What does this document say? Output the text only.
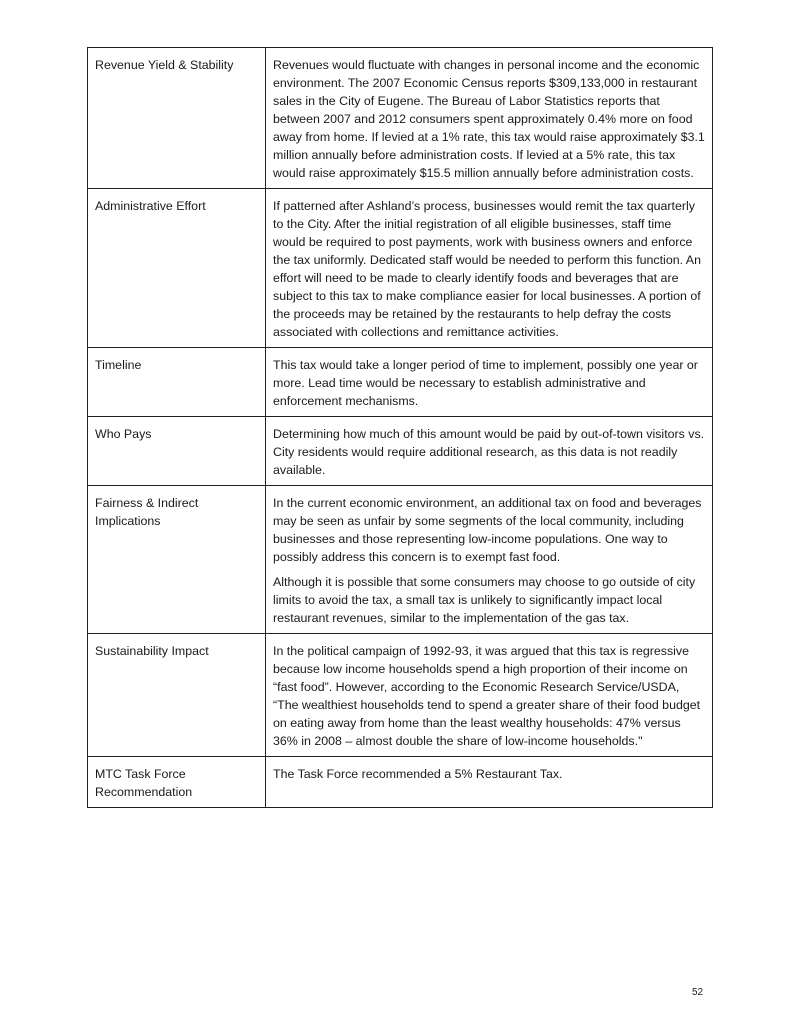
Revenue Yield & Stability	Revenues would fluctuate with changes in personal income and the economic environment. The 2007 Economic Census reports $309,133,000 in restaurant sales in the City of Eugene. The Bureau of Labor Statistics reports that between 2007 and 2012 consumers spent approximately 0.4% more on food away from home. If levied at a 1% rate, this tax would raise approximately $3.1 million annually before administration costs. If levied at a 5% rate, this tax would raise approximately $15.5 million annually before administration costs.

Administrative Effort	If patterned after Ashland’s process, businesses would remit the tax quarterly to the City. After the initial registration of all eligible businesses, staff time would be required to post payments, work with business owners and enforce the tax uniformly. Dedicated staff would be needed to perform this function. An effort will need to be made to clearly identify foods and beverages that are subject to this tax to make compliance easier for local businesses. A portion of the proceeds may be retained by the restaurants to help defray the costs associated with collections and remittance activities.

Timeline	This tax would take a longer period of time to implement, possibly one year or more. Lead time would be necessary to establish administrative and enforcement mechanisms.

Who Pays	Determining how much of this amount would be paid by out-of-town visitors vs. City residents would require additional research, as this data is not readily available.

Fairness & Indirect Implications	In the current economic environment, an additional tax on food and beverages may be seen as unfair by some segments of the local community, including businesses and those representing low-income populations. One way to possibly address this concern is to exempt fast food.

Although it is possible that some consumers may choose to go outside of city limits to avoid the tax, a small tax is unlikely to significantly impact local restaurant revenues, similar to the implementation of the gas tax.

Sustainability Impact	In the political campaign of 1992-93, it was argued that this tax is regressive because low income households spend a high proportion of their income on “fast food”. However, according to the Economic Research Service/USDA, “The wealthiest households tend to spend a greater share of their food budget on eating away from home than the least wealthy households: 47% versus 36% in 2008 – almost double the share of low-income households."

MTC Task Force Recommendation	The Task Force recommended a 5% Restaurant Tax.

52
